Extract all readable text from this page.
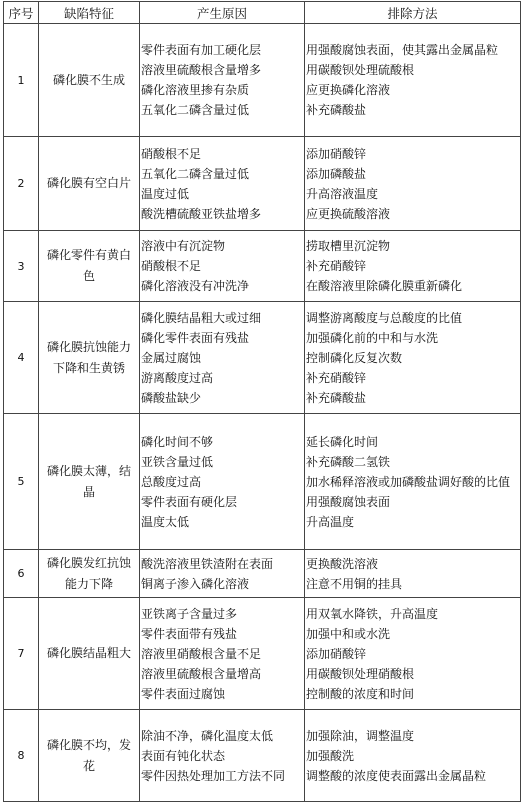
序号	缺陷特征	产生原因	排除方法
1	磷化膜不生成	零件表面有加工硬化层
溶液里硫酸根含量增多
磷化溶液里掺有杂质
五氧化二磷含量过低	用强酸腐蚀表面，使其露出金属晶粒
用碳酸钡处理硫酸根
应更换磷化溶液
补充磷酸盐

2	磷化膜有空白片	硝酸根不足
五氧化二磷含量过低
温度过低
酸洗槽硫酸亚铁盐增多	添加硝酸锌
添加磷酸盐
升高溶液温度
应更换硫酸溶液

3	磷化零件有黄白色	溶液中有沉淀物
硝酸根不足
磷化溶液没有冲洗净	捞取槽里沉淀物
补充硝酸锌
在酸溶液里除磷化膜重新磷化

4	磷化膜抗蚀能力下降和生黄锈	磷化膜结晶粗大或过细
磷化零件表面有残盐
金属过腐蚀
游离酸度过高
磷酸盐缺少	调整游离酸度与总酸度的比值
加强磷化前的中和与水洗
控制磷化反复次数
补充硝酸锌
补充磷酸盐

5	磷化膜太薄，结晶	磷化时间不够
亚铁含量过低
总酸度过高
零件表面有硬化层
温度太低	延长磷化时间
补充磷酸二氢铁
加水稀释溶液或加磷酸盐调好酸的比值
用强酸腐蚀表面
升高温度

6	磷化膜发红抗蚀能力下降	酸洗溶液里铁渣附在表面
铜离子渗入磷化溶液	更换酸洗溶液
注意不用铜的挂具

7	磷化膜结晶粗大	亚铁离子含量过多
零件表面带有残盐
溶液里硝酸根含量不足
溶液里硫酸根含量增高
零件表面过腐蚀	用双氧水降铁，升高温度
加强中和或水洗
添加硝酸锌
用碳酸钡处理硝酸根
控制酸的浓度和时间

8	磷化膜不均，发花	除油不净，磷化温度太低
表面有钝化状态
零件因热处理加工方法不同	加强除油，调整温度
加强酸洗
调整酸的浓度使表面露出金属晶粒
